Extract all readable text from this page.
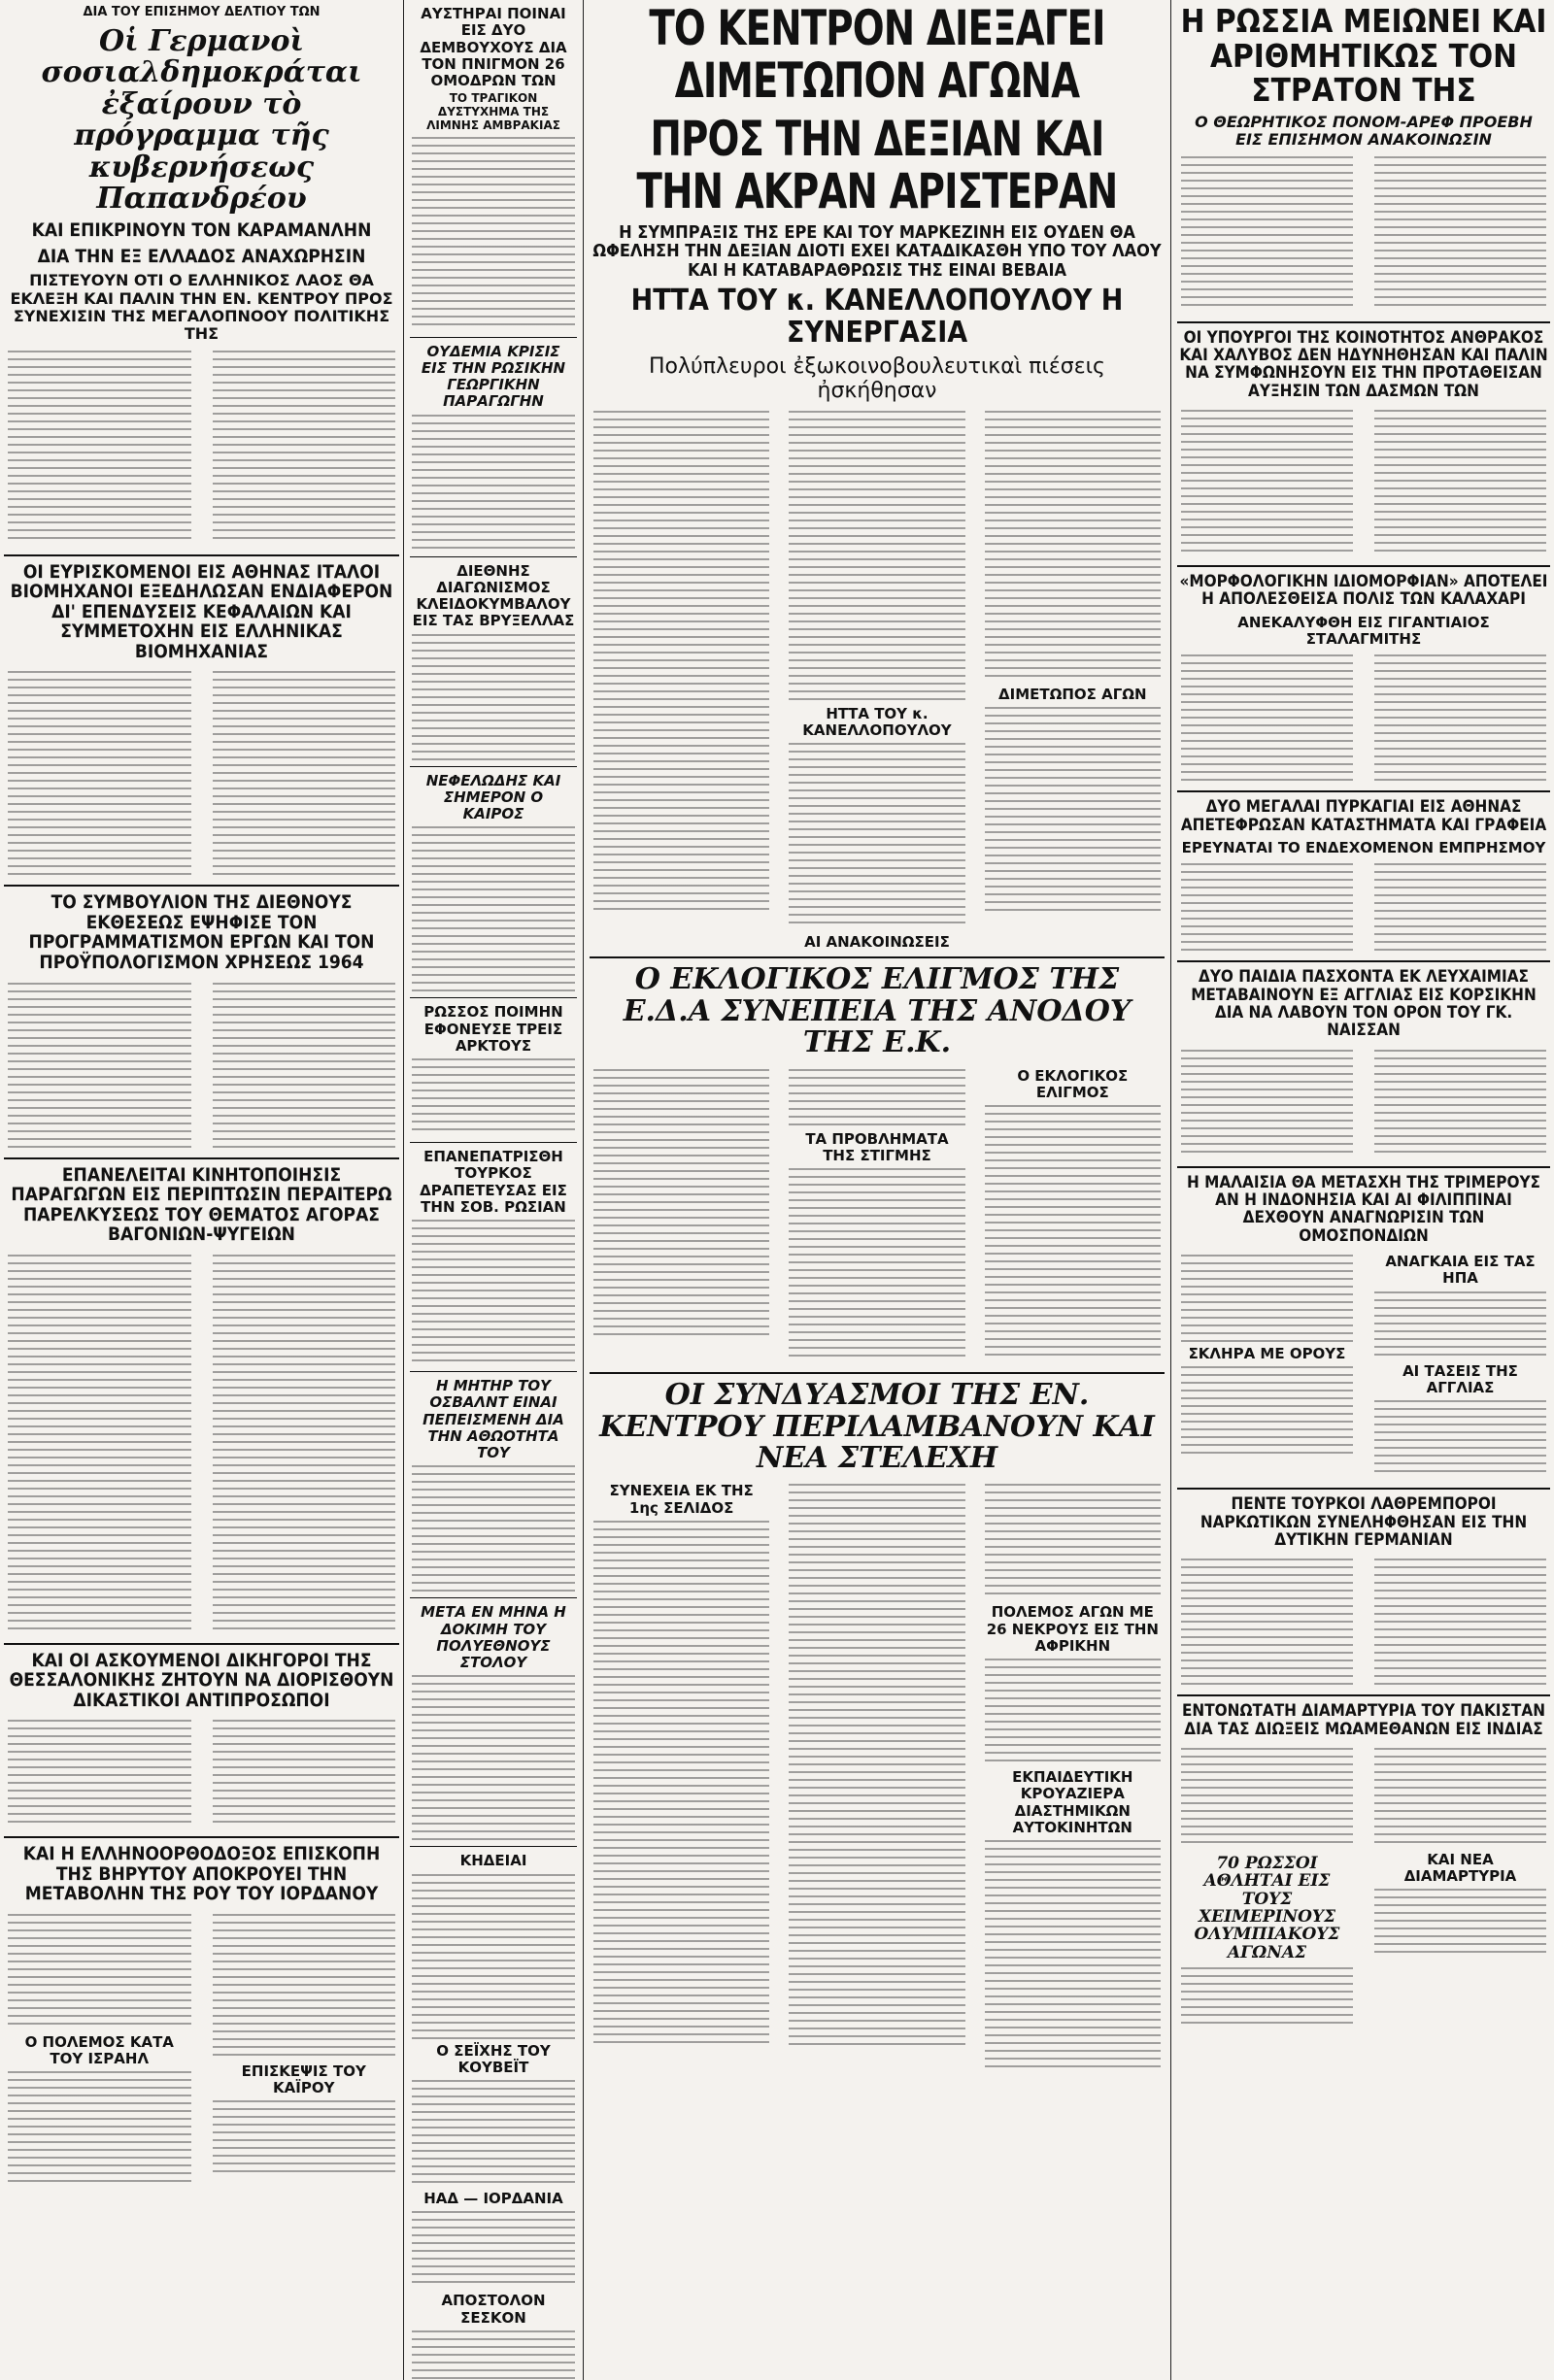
ΔΙΑ ΤΟΥ ΕΠΙΣΗΜΟΥ ΔΕΛΤΙΟΥ ΤΩΝ
Οἱ Γερμανοὶ σοσιαλδημοκράται ἐξαίρουν τὸ πρόγραμμα τῆς κυβερνήσεως Παπανδρέου
ΚΑΙ ΕΠΙΚΡΙΝΟΥΝ ΤΟΝ ΚΑΡΑΜΑΝΛΗΝ
ΔΙΑ ΤΗΝ ΕΞ ΕΛΛΑΔΟΣ ΑΝΑΧΩΡΗΣΙΝ
ΠΙΣΤΕΥΟΥΝ ΟΤΙ Ο ΕΛΛΗΝΙΚΟΣ ΛΑΟΣ ΘΑ ΕΚΛΕΞΗ ΚΑΙ ΠΑΛΙΝ ΤΗΝ ΕΝ. ΚΕΝΤΡΟΥ ΠΡΟΣ ΣΥΝΕΧΙΣΙΝ ΤΗΣ ΜΕΓΑΛΟΠΝΟΟΥ ΠΟΛΙΤΙΚΗΣ ΤΗΣ
ΟΙ ΕΥΡΙΣΚΟΜΕΝΟΙ ΕΙΣ ΑΘΗΝΑΣ ΙΤΑΛΟΙ ΒΙΟΜΗΧΑΝΟΙ ΕΞΕΔΗΛΩΣΑΝ ΕΝΔΙΑΦΕΡΟΝ ΔΙ' ΕΠΕΝΔΥΣΕΙΣ ΚΕΦΑΛΑΙΩΝ ΚΑΙ ΣΥΜΜΕΤΟΧΗΝ ΕΙΣ ΕΛΛΗΝΙΚΑΣ ΒΙΟΜΗΧΑΝΙΑΣ
ΤΟ ΣΥΜΒΟΥΛΙΟΝ ΤΗΣ ΔΙΕΘΝΟΥΣ ΕΚΘΕΣΕΩΣ ΕΨΗΦΙΣΕ ΤΟΝ ΠΡΟΓΡΑΜΜΑΤΙΣΜΟΝ ΕΡΓΩΝ ΚΑΙ ΤΟΝ ΠΡΟΫΠΟΛΟΓΙΣΜΟΝ ΧΡΗΣΕΩΣ 1964
ΕΠΑΝΕΛΕΙΤΑΙ ΚΙΝΗΤΟΠΟΙΗΣΙΣ ΠΑΡΑΓΩΓΩΝ ΕΙΣ ΠΕΡΙΠΤΩΣΙΝ ΠΕΡΑΙΤΕΡΩ ΠΑΡΕΛΚΥΣΕΩΣ ΤΟΥ ΘΕΜΑΤΟΣ ΑΓΟΡΑΣ ΒΑΓΟΝΙΩΝ-ΨΥΓΕΙΩΝ
ΚΑΙ ΟΙ ΑΣΚΟΥΜΕΝΟΙ ΔΙΚΗΓΟΡΟΙ ΤΗΣ ΘΕΣΣΑΛΟΝΙΚΗΣ ΖΗΤΟΥΝ ΝΑ ΔΙΟΡΙΣΘΟΥΝ ΔΙΚΑΣΤΙΚΟΙ ΑΝΤΙΠΡΟΣΩΠΟΙ
ΚΑΙ Η ΕΛΛΗΝΟΟΡΘΟΔΟΞΟΣ ΕΠΙΣΚΟΠΗ ΤΗΣ ΒΗΡΥΤΟΥ ΑΠΟΚΡΟΥΕΙ ΤΗΝ ΜΕΤΑΒΟΛΗΝ ΤΗΣ ΡΟΥ ΤΟΥ ΙΟΡΔΑΝΟΥ
Ο ΠΟΛΕΜΟΣ ΚΑΤΑ ΤΟΥ ΙΣΡΑΗΛ
ΕΠΙΣΚΕΨΙΣ ΤΟΥ ΚΑΪΡΟΥ
ΑΥΣΤΗΡΑΙ ΠΟΙΝΑΙ ΕΙΣ ΔΥΟ ΔΕΜΒΟΥΧΟΥΣ ΔΙΑ ΤΟΝ ΠΝΙΓΜΟΝ 26 ΟΜΟΔΡΩΝ ΤΩΝ
ΤΟ ΤΡΑΓΙΚΟΝ ΔΥΣΤΥΧΗΜΑ ΤΗΣ ΛΙΜΝΗΣ ΑΜΒΡΑΚΙΑΣ
ΟΥΔΕΜΙΑ ΚΡΙΣΙΣ ΕΙΣ ΤΗΝ ΡΩΣΙΚΗΝ ΓΕΩΡΓΙΚΗΝ ΠΑΡΑΓΩΓΗΝ
ΔΙΕΘΝΗΣ ΔΙΑΓΩΝΙΣΜΟΣ ΚΛΕΙΔΟΚΥΜΒΑΛΟΥ ΕΙΣ ΤΑΣ ΒΡΥΞΕΛΛΑΣ
ΝΕΦΕΛΩΔΗΣ ΚΑΙ ΣΗΜΕΡΟΝ Ο ΚΑΙΡΟΣ
ΡΩΣΣΟΣ ΠΟΙΜΗΝ ΕΦΟΝΕΥΣΕ ΤΡΕΙΣ ΑΡΚΤΟΥΣ
ΕΠΑΝΕΠΑΤΡΙΣΘΗ ΤΟΥΡΚΟΣ ΔΡΑΠΕΤΕΥΣΑΣ ΕΙΣ ΤΗΝ ΣΟΒ. ΡΩΣΙΑΝ
Η ΜΗΤΗΡ ΤΟΥ ΟΣΒΑΛΝΤ ΕΙΝΑΙ ΠΕΠΕΙΣΜΕΝΗ ΔΙΑ ΤΗΝ ΑΘΩΟΤΗΤΑ ΤΟΥ
ΜΕΤΑ ΕΝ ΜΗΝΑ Η ΔΟΚΙΜΗ ΤΟΥ ΠΟΛΥΕΘΝΟΥΣ ΣΤΟΛΟΥ
ΚΗΔΕΙΑΙ
Ο ΣΕΪΧΗΣ ΤΟΥ ΚΟΥΒΕΪΤ
ΗΑΔ — ΙΟΡΔΑΝΙΑ
ΑΠΟΣΤΟΛΟΝ ΣΕΣΚΟΝ
ΤΟ ΚΕΝΤΡΟΝ ΔΙΕΞΑΓΕΙ ΔΙΜΕΤΩΠΟΝ ΑΓΩΝΑ
ΠΡΟΣ ΤΗΝ ΔΕΞΙΑΝ ΚΑΙ ΤΗΝ ΑΚΡΑΝ ΑΡΙΣΤΕΡΑΝ
Η ΣΥΜΠΡΑΞΙΣ ΤΗΣ ΕΡΕ ΚΑΙ ΤΟΥ ΜΑΡΚΕΖΙΝΗ ΕΙΣ ΟΥΔΕΝ ΘΑ ΩΦΕΛΗΣΗ ΤΗΝ ΔΕΞΙΑΝ ΔΙΟΤΙ ΕΧΕΙ ΚΑΤΑΔΙΚΑΣΘΗ ΥΠΟ ΤΟΥ ΛΑΟΥ ΚΑΙ Η ΚΑΤΑΒΑΡΑΘΡΩΣΙΣ ΤΗΣ ΕΙΝΑΙ ΒΕΒΑΙΑ
ΗΤΤΑ ΤΟΥ κ. ΚΑΝΕΛΛΟΠΟΥΛΟΥ Η ΣΥΝΕΡΓΑΣΙΑ
Πολύπλευροι ἐξωκοινοβουλευτικαὶ πιέσεις ἠσκήθησαν
ΗΤΤΑ ΤΟΥ κ. ΚΑΝΕΛΛΟΠΟΥΛΟΥ
ΔΙΜΕΤΩΠΟΣ ΑΓΩΝ
ΑΙ ΑΝΑΚΟΙΝΩΣΕΙΣ
Ο ΕΚΛΟΓΙΚΟΣ ΕΛΙΓΜΟΣ ΤΗΣ Ε.Δ.Α ΣΥΝΕΠΕΙΑ ΤΗΣ ΑΝΟΔΟΥ ΤΗΣ Ε.Κ.
ΤΑ ΠΡΟΒΛΗΜΑΤΑ ΤΗΣ ΣΤΙΓΜΗΣ
Ο ΕΚΛΟΓΙΚΟΣ ΕΛΙΓΜΟΣ
ΟΙ ΣΥΝΔΥΑΣΜΟΙ ΤΗΣ ΕΝ. ΚΕΝΤΡΟΥ ΠΕΡΙΛΑΜΒΑΝΟΥΝ ΚΑΙ ΝΕΑ ΣΤΕΛΕΧΗ
ΣΥΝΕΧΕΙΑ ΕΚ ΤΗΣ 1ης ΣΕΛΙΔΟΣ
ΠΟΛΕΜΟΣ ΑΓΩΝ ΜΕ 26 ΝΕΚΡΟΥΣ ΕΙΣ ΤΗΝ ΑΦΡΙΚΗΝ
ΕΚΠΑΙΔΕΥΤΙΚΗ ΚΡΟΥΑΖΙΕΡΑ ΔΙΑΣΤΗΜΙΚΩΝ ΑΥΤΟΚΙΝΗΤΩΝ
Η ΡΩΣΣΙΑ ΜΕΙΩΝΕΙ ΚΑΙ ΑΡΙΘΜΗΤΙΚΩΣ ΤΟΝ ΣΤΡΑΤΟΝ ΤΗΣ
Ο ΘΕΩΡΗΤΙΚΟΣ ΠΟΝΟΜ-ΑΡΕΦ ΠΡΟΕΒΗ ΕΙΣ ΕΠΙΣΗΜΟΝ ΑΝΑΚΟΙΝΩΣΙΝ
ΟΙ ΥΠΟΥΡΓΟΙ ΤΗΣ ΚΟΙΝΟΤΗΤΟΣ ΑΝΘΡΑΚΟΣ ΚΑΙ ΧΑΛΥΒΟΣ ΔΕΝ ΗΔΥΝΗΘΗΣΑΝ ΚΑΙ ΠΑΛΙΝ ΝΑ ΣΥΜΦΩΝΗΣΟΥΝ ΕΙΣ ΤΗΝ ΠΡΟΤΑΘΕΙΣΑΝ ΑΥΞΗΣΙΝ ΤΩΝ ΔΑΣΜΩΝ ΤΩΝ
«ΜΟΡΦΟΛΟΓΙΚΗΝ ΙΔΙΟΜΟΡΦΙΑΝ» ΑΠΟΤΕΛΕΙ Η ΑΠΟΛΕΣΘΕΙΣΑ ΠΟΛΙΣ ΤΩΝ ΚΑΛΑΧΑΡΙ
ΑΝΕΚΑΛΥΦΘΗ ΕΙΣ ΓΙΓΑΝΤΙΑΙΟΣ ΣΤΑΛΑΓΜΙΤΗΣ
ΔΥΟ ΜΕΓΑΛΑΙ ΠΥΡΚΑΓΙΑΙ ΕΙΣ ΑΘΗΝΑΣ ΑΠΕΤΕΦΡΩΣΑΝ ΚΑΤΑΣΤΗΜΑΤΑ ΚΑΙ ΓΡΑΦΕΙΑ
ΕΡΕΥΝΑΤΑΙ ΤΟ ΕΝΔΕΧΟΜΕΝΟΝ ΕΜΠΡΗΣΜΟΥ
ΔΥΟ ΠΑΙΔΙΑ ΠΑΣΧΟΝΤΑ ΕΚ ΛΕΥΧΑΙΜΙΑΣ ΜΕΤΑΒΑΙΝΟΥΝ ΕΞ ΑΓΓΛΙΑΣ ΕΙΣ ΚΟΡΣΙΚΗΝ ΔΙΑ ΝΑ ΛΑΒΟΥΝ ΤΟΝ ΟΡΟΝ ΤΟΥ ΓΚ. ΝΑΙΣΣΑΝ
Η ΜΑΛΑΙΣΙΑ ΘΑ ΜΕΤΑΣΧΗ ΤΗΣ ΤΡΙΜΕΡΟΥΣ ΑΝ Η ΙΝΔΟΝΗΣΙΑ ΚΑΙ ΑΙ ΦΙΛΙΠΠΙΝΑΙ ΔΕΧΘΟΥΝ ΑΝΑΓΝΩΡΙΣΙΝ ΤΩΝ ΟΜΟΣΠΟΝΔΙΩΝ
ΣΚΛΗΡΑ ΜΕ ΟΡΟΥΣ
ΑΝΑΓΚΑΙΑ ΕΙΣ ΤΑΣ ΗΠΑ
ΑΙ ΤΑΣΕΙΣ ΤΗΣ ΑΓΓΛΙΑΣ
ΠΕΝΤΕ ΤΟΥΡΚΟΙ ΛΑΘΡΕΜΠΟΡΟΙ ΝΑΡΚΩΤΙΚΩΝ ΣΥΝΕΛΗΦΘΗΣΑΝ ΕΙΣ ΤΗΝ ΔΥΤΙΚΗΝ ΓΕΡΜΑΝΙΑΝ
ΕΝΤΟΝΩΤΑΤΗ ΔΙΑΜΑΡΤΥΡΙΑ ΤΟΥ ΠΑΚΙΣΤΑΝ ΔΙΑ ΤΑΣ ΔΙΩΞΕΙΣ ΜΩΑΜΕΘΑΝΩΝ ΕΙΣ ΙΝΔΙΑΣ
70 ΡΩΣΣΟΙ ΑΘΛΗΤΑΙ ΕΙΣ ΤΟΥΣ ΧΕΙΜΕΡΙΝΟΥΣ ΟΛΥΜΠΙΑΚΟΥΣ ΑΓΩΝΑΣ
ΚΑΙ ΝΕΑ ΔΙΑΜΑΡΤΥΡΙΑ
